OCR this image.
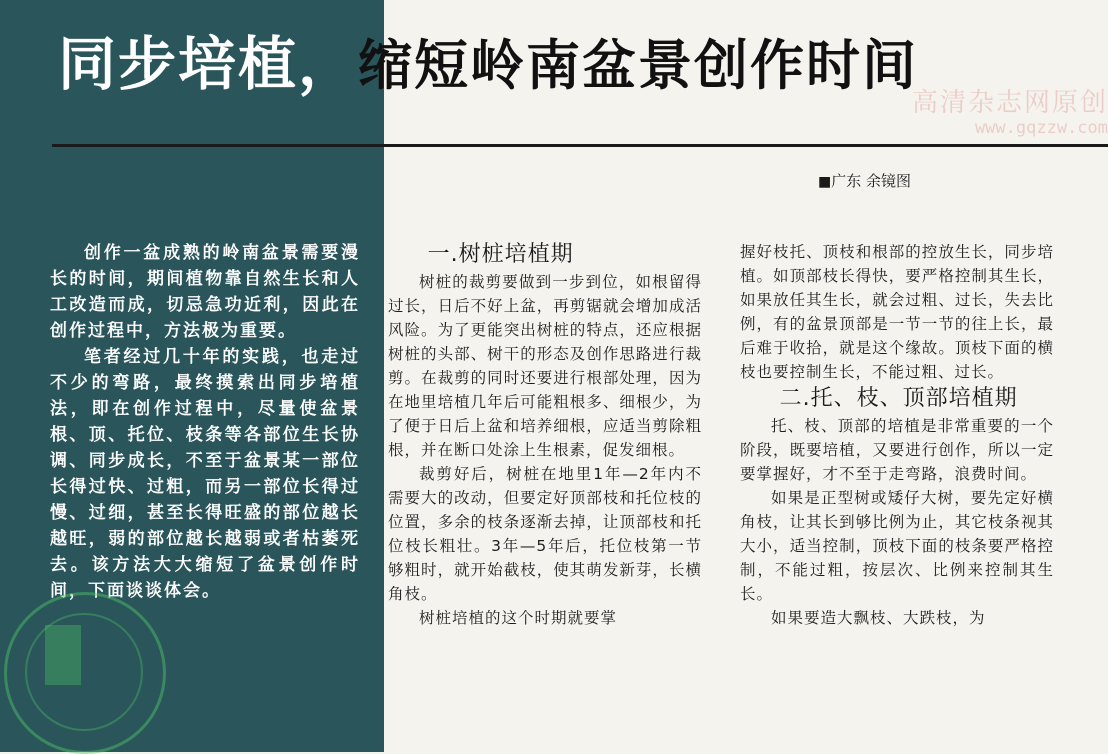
同步培植，缩短岭南盆景创作时间
高清杂志网原创
www.gqzzw.com
■广东 余镜图

创作一盆成熟的岭南盆景需要漫长的时间，期间植物靠自然生长和人工改造而成，切忌急功近利，因此在创作过程中，方法极为重要。

笔者经过几十年的实践，也走过不少的弯路，最终摸索出同步培植法，即在创作过程中，尽量使盆景根、顶、托位、枝条等各部位生长协调、同步成长，不至于盆景某一部位长得过快、过粗，而另一部位长得过慢、过细，甚至长得旺盛的部位越长越旺，弱的部位越长越弱或者枯萎死去。该方法大大缩短了盆景创作时间，下面谈谈体会。

一.树桩培植期

树桩的裁剪要做到一步到位，如根留得过长，日后不好上盆，再剪锯就会增加成活风险。为了更能突出树桩的特点，还应根据树桩的头部、树干的形态及创作思路进行裁剪。在裁剪的同时还要进行根部处理，因为在地里培植几年后可能粗根多、细根少，为了便于日后上盆和培养细根，应适当剪除粗根，并在断口处涂上生根素，促发细根。

裁剪好后，树桩在地里1年—2年内不需要大的改动，但要定好顶部枝和托位枝的位置，多余的枝条逐渐去掉，让顶部枝和托位枝长粗壮。3年—5年后，托位枝第一节够粗时，就开始截枝，使其萌发新芽，长横角枝。

树桩培植的这个时期就要掌

握好枝托、顶枝和根部的控放生长，同步培植。如顶部枝长得快，要严格控制其生长，如果放任其生长，就会过粗、过长，失去比例，有的盆景顶部是一节一节的往上长，最后难于收拾，就是这个缘故。顶枝下面的横枝也要控制生长，不能过粗、过长。

二.托、枝、顶部培植期

托、枝、顶部的培植是非常重要的一个阶段，既要培植，又要进行创作，所以一定要掌握好，才不至于走弯路，浪费时间。

如果是正型树或矮仔大树，要先定好横角枝，让其长到够比例为止，其它枝条视其大小，适当控制，顶枝下面的枝条要严格控制，不能过粗，按层次、比例来控制其生长。

如果要造大飘枝、大跌枝，为
